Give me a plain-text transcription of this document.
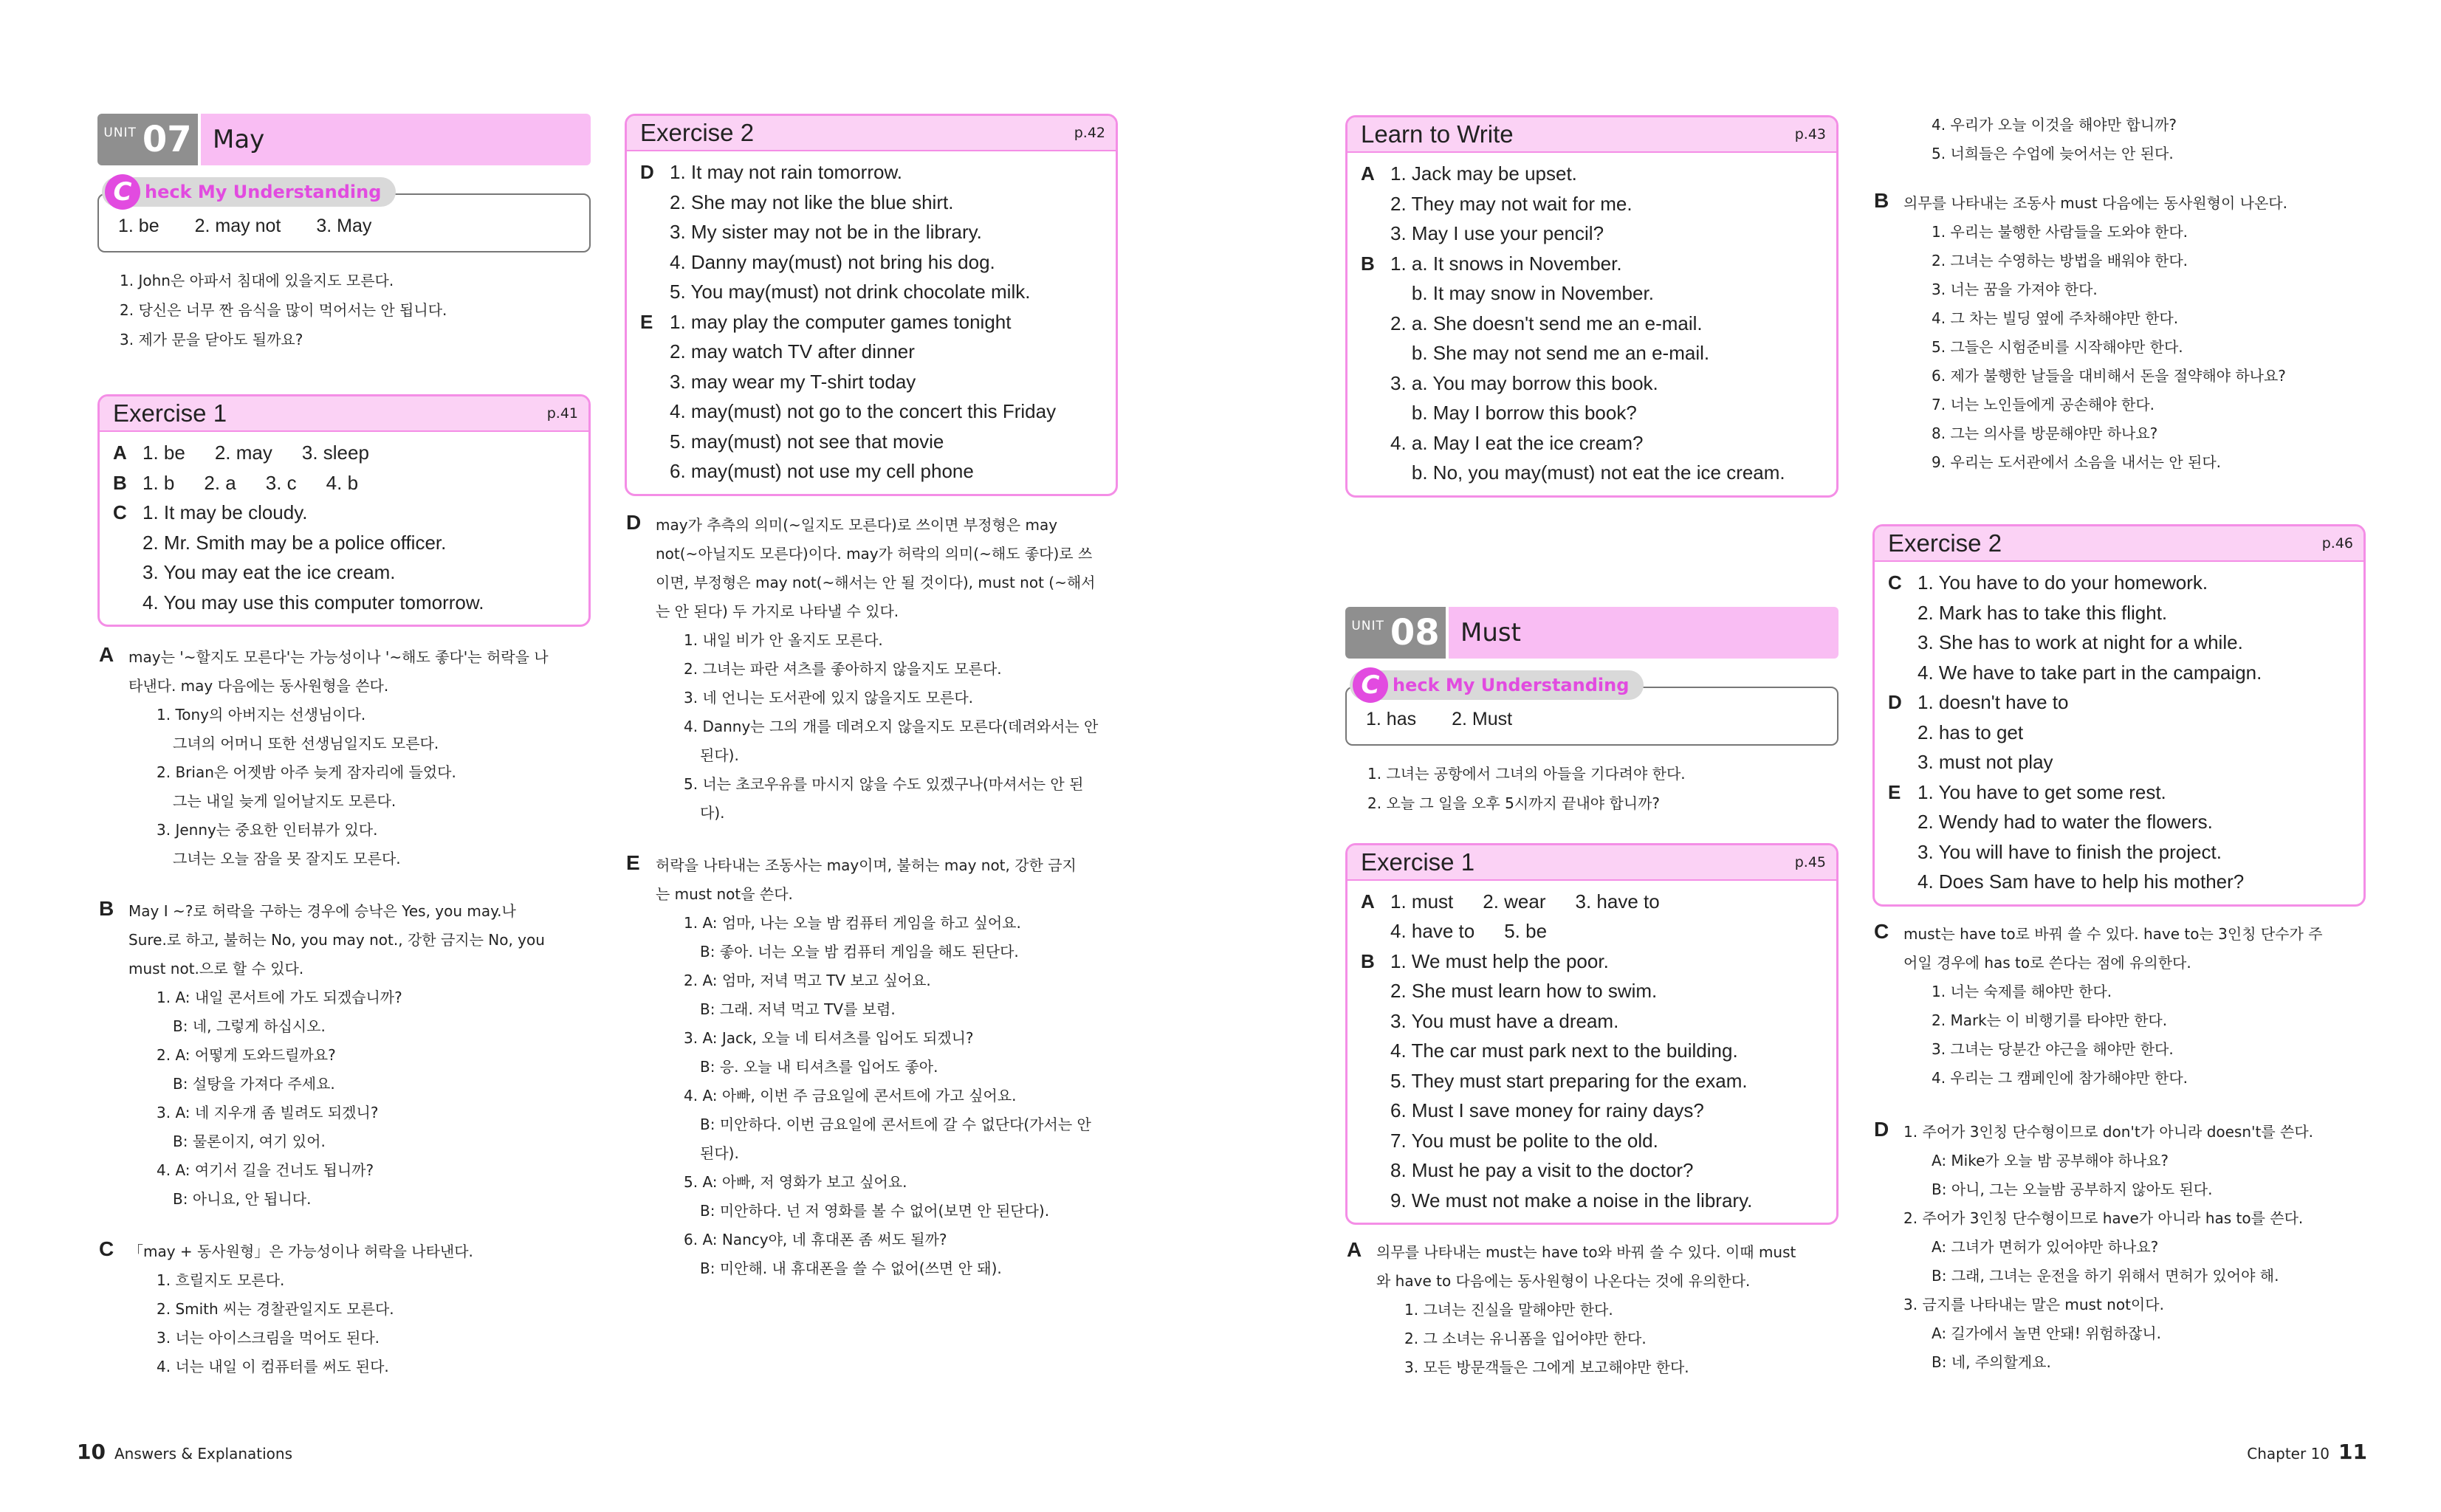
UNIT 07 May
C heck My Understanding
1. be 2. may not 3. May
1. John은 아파서 침대에 있을지도 모른다.
2. 당신은 너무 짠 음식을 많이 먹어서는 안 됩니다.
3. 제가 문을 닫아도 될까요?
Exercise 1	p.41
A 1. be 2. may 3. sleep
B 1. b 2. a 3. c 4. b
C 1. It may be cloudy.
2. Mr. Smith may be a police officer.
3. You may eat the ice cream.
4. You may use this computer tomorrow.
A may는 '~할지도 모른다'는 가능성이나 '~해도 좋다'는 허락을 나
타낸다. may 다음에는 동사원형을 쓴다.
1. Tony의 아버지는 선생님이다.
그녀의 어머니 또한 선생님일지도 모른다.
2. Brian은 어젯밤 아주 늦게 잠자리에 들었다.
그는 내일 늦게 일어날지도 모른다.
3. Jenny는 중요한 인터뷰가 있다.
그녀는 오늘 잠을 못 잘지도 모른다.
B May I ~?로 허락을 구하는 경우에 승낙은 Yes, you may.나
Sure.로 하고, 불허는 No, you may not., 강한 금지는 No, you
must not.으로 할 수 있다.
1. A: 내일 콘서트에 가도 되겠습니까?
B: 네, 그렇게 하십시오.
2. A: 어떻게 도와드릴까요?
B: 설탕을 가져다 주세요.
3. A: 네 지우개 좀 빌려도 되겠니?
B: 물론이지, 여기 있어.
4. A: 여기서 길을 건너도 됩니까?
B: 아니요, 안 됩니다.
C 「may + 동사원형」은 가능성이나 허락을 나타낸다.
1. 흐릴지도 모른다.
2. Smith 씨는 경찰관일지도 모른다.
3. 너는 아이스크림을 먹어도 된다.
4. 너는 내일 이 컴퓨터를 써도 된다.
Exercise 2	p.42
D 1. It may not rain tomorrow.
2. She may not like the blue shirt.
3. My sister may not be in the library.
4. Danny may(must) not bring his dog.
5. You may(must) not drink chocolate milk.
E 1. may play the computer games tonight
2. may watch TV after dinner
3. may wear my T-shirt today
4. may(must) not go to the concert this Friday
5. may(must) not see that movie
6. may(must) not use my cell phone
D may가 추측의 의미(~일지도 모른다)로 쓰이면 부정형은 may
not(~아닐지도 모른다)이다. may가 허락의 의미(~해도 좋다)로 쓰
이면, 부정형은 may not(~해서는 안 될 것이다), must not (~해서
는 안 된다) 두 가지로 나타낼 수 있다.
1. 내일 비가 안 올지도 모른다.
2. 그녀는 파란 셔츠를 좋아하지 않을지도 모른다.
3. 네 언니는 도서관에 있지 않을지도 모른다.
4. Danny는 그의 개를 데려오지 않을지도 모른다(데려와서는 안
된다).
5. 너는 초코우유를 마시지 않을 수도 있겠구나(마셔서는 안 된
다).
E	허락을 나타내는 조동사는 may이며, 불허는 may not, 강한 금지
는 must not을 쓴다.
1. A: 엄마, 나는 오늘 밤 컴퓨터 게임을 하고 싶어요.
B: 좋아. 너는 오늘 밤 컴퓨터 게임을 해도 된단다.
2. A: 엄마, 저녁 먹고 TV 보고 싶어요.
B: 그래. 저녁 먹고 TV를 보렴.
3. A: Jack, 오늘 네 티셔츠를 입어도 되겠니?
B: 응. 오늘 내 티셔츠를 입어도 좋아.
4. A: 아빠, 이번 주 금요일에 콘서트에 가고 싶어요.
B: 미안하다. 이번 금요일에 콘서트에 갈 수 없단다(가서는 안
된다).
5. A: 아빠, 저 영화가 보고 싶어요.
B: 미안하다. 넌 저 영화를 볼 수 없어(보면 안 된단다).
6. A: Nancy야, 네 휴대폰 좀 써도 될까?
B: 미안해. 내 휴대폰을 쓸 수 없어(쓰면 안 돼).
Learn to Write	p.43
A 1. Jack may be upset.
2. They may not wait for me.
3. May I use your pencil?
B 1. a. It snows in November.
b. It may snow in November.
2. a. She doesn't send me an e-mail.
b. She may not send me an e-mail.
3. a. You may borrow this book.
b. May I borrow this book?
4. a. May I eat the ice cream?
b. No, you may(must) not eat the ice cream.
UNIT 08 Must
C heck My Understanding
1. has 2. Must
1. 그녀는 공항에서 그녀의 아들을 기다려야 한다.
2. 오늘 그 일을 오후 5시까지 끝내야 합니까?
Exercise 1	p.45
A 1. must 2. wear 3. have to
4. have to 5. be
B 1. We must help the poor.
2. She must learn how to swim.
3. You must have a dream.
4. The car must park next to the building.
5. They must start preparing for the exam.
6. Must I save money for rainy days?
7. You must be polite to the old.
8. Must he pay a visit to the doctor?
9. We must not make a noise in the library.
A 의무를 나타내는 must는 have to와 바꿔 쓸 수 있다. 이때 must
와 have to 다음에는 동사원형이 나온다는 것에 유의한다.
1. 그녀는 진실을 말해야만 한다.
2. 그 소녀는 유니폼을 입어야만 한다.
3. 모든 방문객들은 그에게 보고해야만 한다.
4. 우리가 오늘 이것을 해야만 합니까?
5. 너희들은 수업에 늦어서는 안 된다.
B 의무를 나타내는 조동사 must 다음에는 동사원형이 나온다.
1. 우리는 불행한 사람들을 도와야 한다.
2. 그녀는 수영하는 방법을 배워야 한다.
3. 너는 꿈을 가져야 한다.
4. 그 차는 빌딩 옆에 주차해야만 한다.
5. 그들은 시험준비를 시작해야만 한다.
6. 제가 불행한 날들을 대비해서 돈을 절약해야 하나요?
7. 너는 노인들에게 공손해야 한다.
8. 그는 의사를 방문해야만 하나요?
9. 우리는 도서관에서 소음을 내서는 안 된다.
Exercise 2	p.46
C 1. You have to do your homework.
2. Mark has to take this flight.
3. She has to work at night for a while.
4. We have to take part in the campaign.
D 1. doesn't have to
2. has to get
3. must not play
E 1. You have to get some rest.
2. Wendy had to water the flowers.
3. You will have to finish the project.
4. Does Sam have to help his mother?
C must는 have to로 바꿔 쓸 수 있다. have to는 3인칭 단수가 주
어일 경우에 has to로 쓴다는 점에 유의한다.
1. 너는 숙제를 해야만 한다.
2. Mark는 이 비행기를 타야만 한다.
3. 그녀는 당분간 야근을 해야만 한다.
4. 우리는 그 캠페인에 참가해야만 한다.
D 1. 주어가 3인칭 단수형이므로 don't가 아니라 doesn't를 쓴다.
A: Mike가 오늘 밤 공부해야 하나요?
B: 아니, 그는 오늘밤 공부하지 않아도 된다.
2. 주어가 3인칭 단수형이므로 have가 아니라 has to를 쓴다.
A: 그녀가 면허가 있어야만 하나요?
B: 그래, 그녀는 운전을 하기 위해서 면허가 있어야 해.
3. 금지를 나타내는 말은 must not이다.
A: 길가에서 놀면 안돼! 위험하잖니.
B: 네, 주의할게요.
10 Answers & Explanations	Chapter 10 11
